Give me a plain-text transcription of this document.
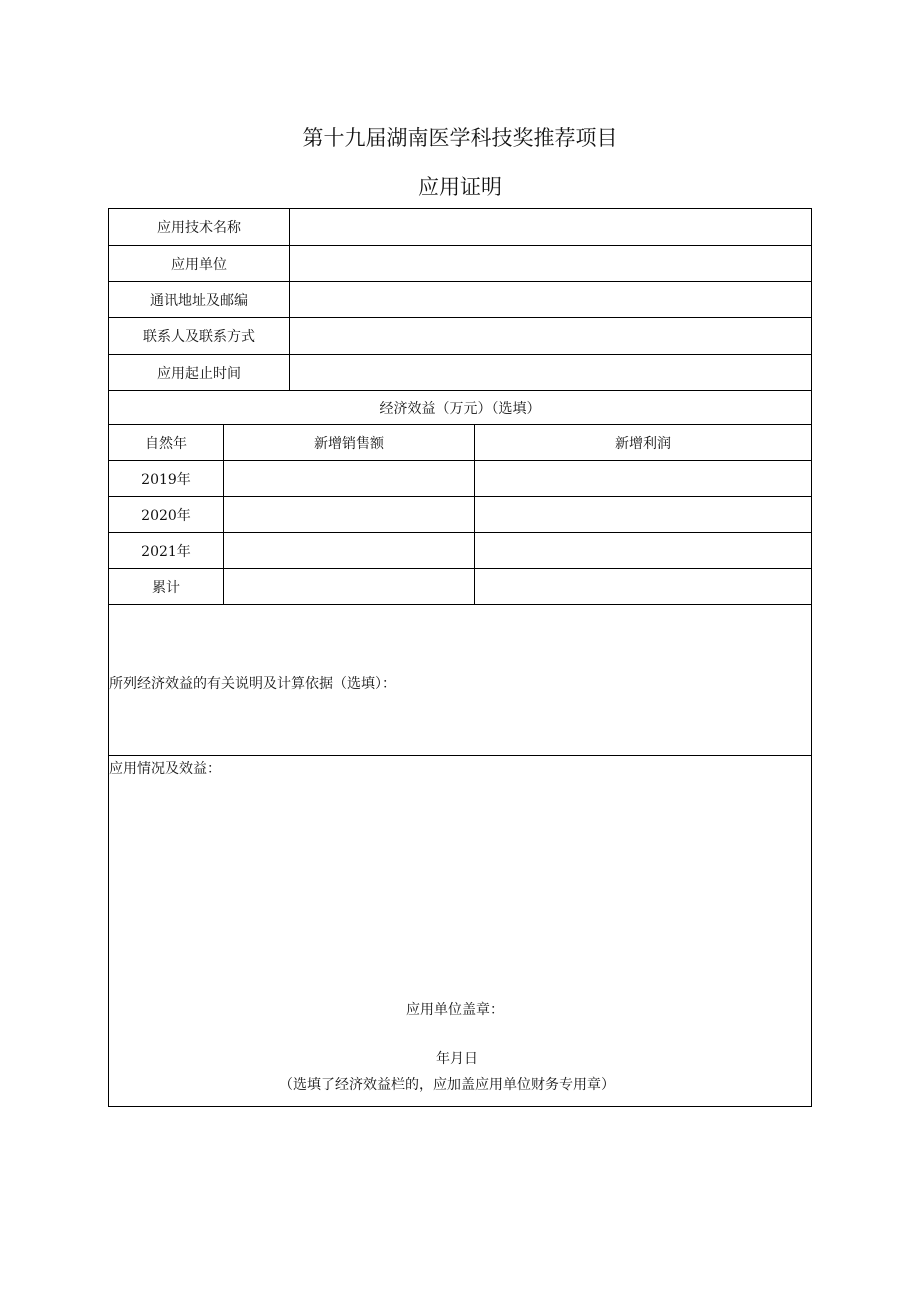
第十九届湖南医学科技奖推荐项目
应用证明
应用技术名称
应用单位
通讯地址及邮编
联系人及联系方式
应用起止时间
经济效益（万元）（选填）
自然年	新增销售额	新增利润
2019年
2020年
2021年
累计
所列经济效益的有关说明及计算依据（选填）：
应用情况及效益：
应用单位盖章：
年月日
（选填了经济效益栏的，应加盖应用单位财务专用章）
